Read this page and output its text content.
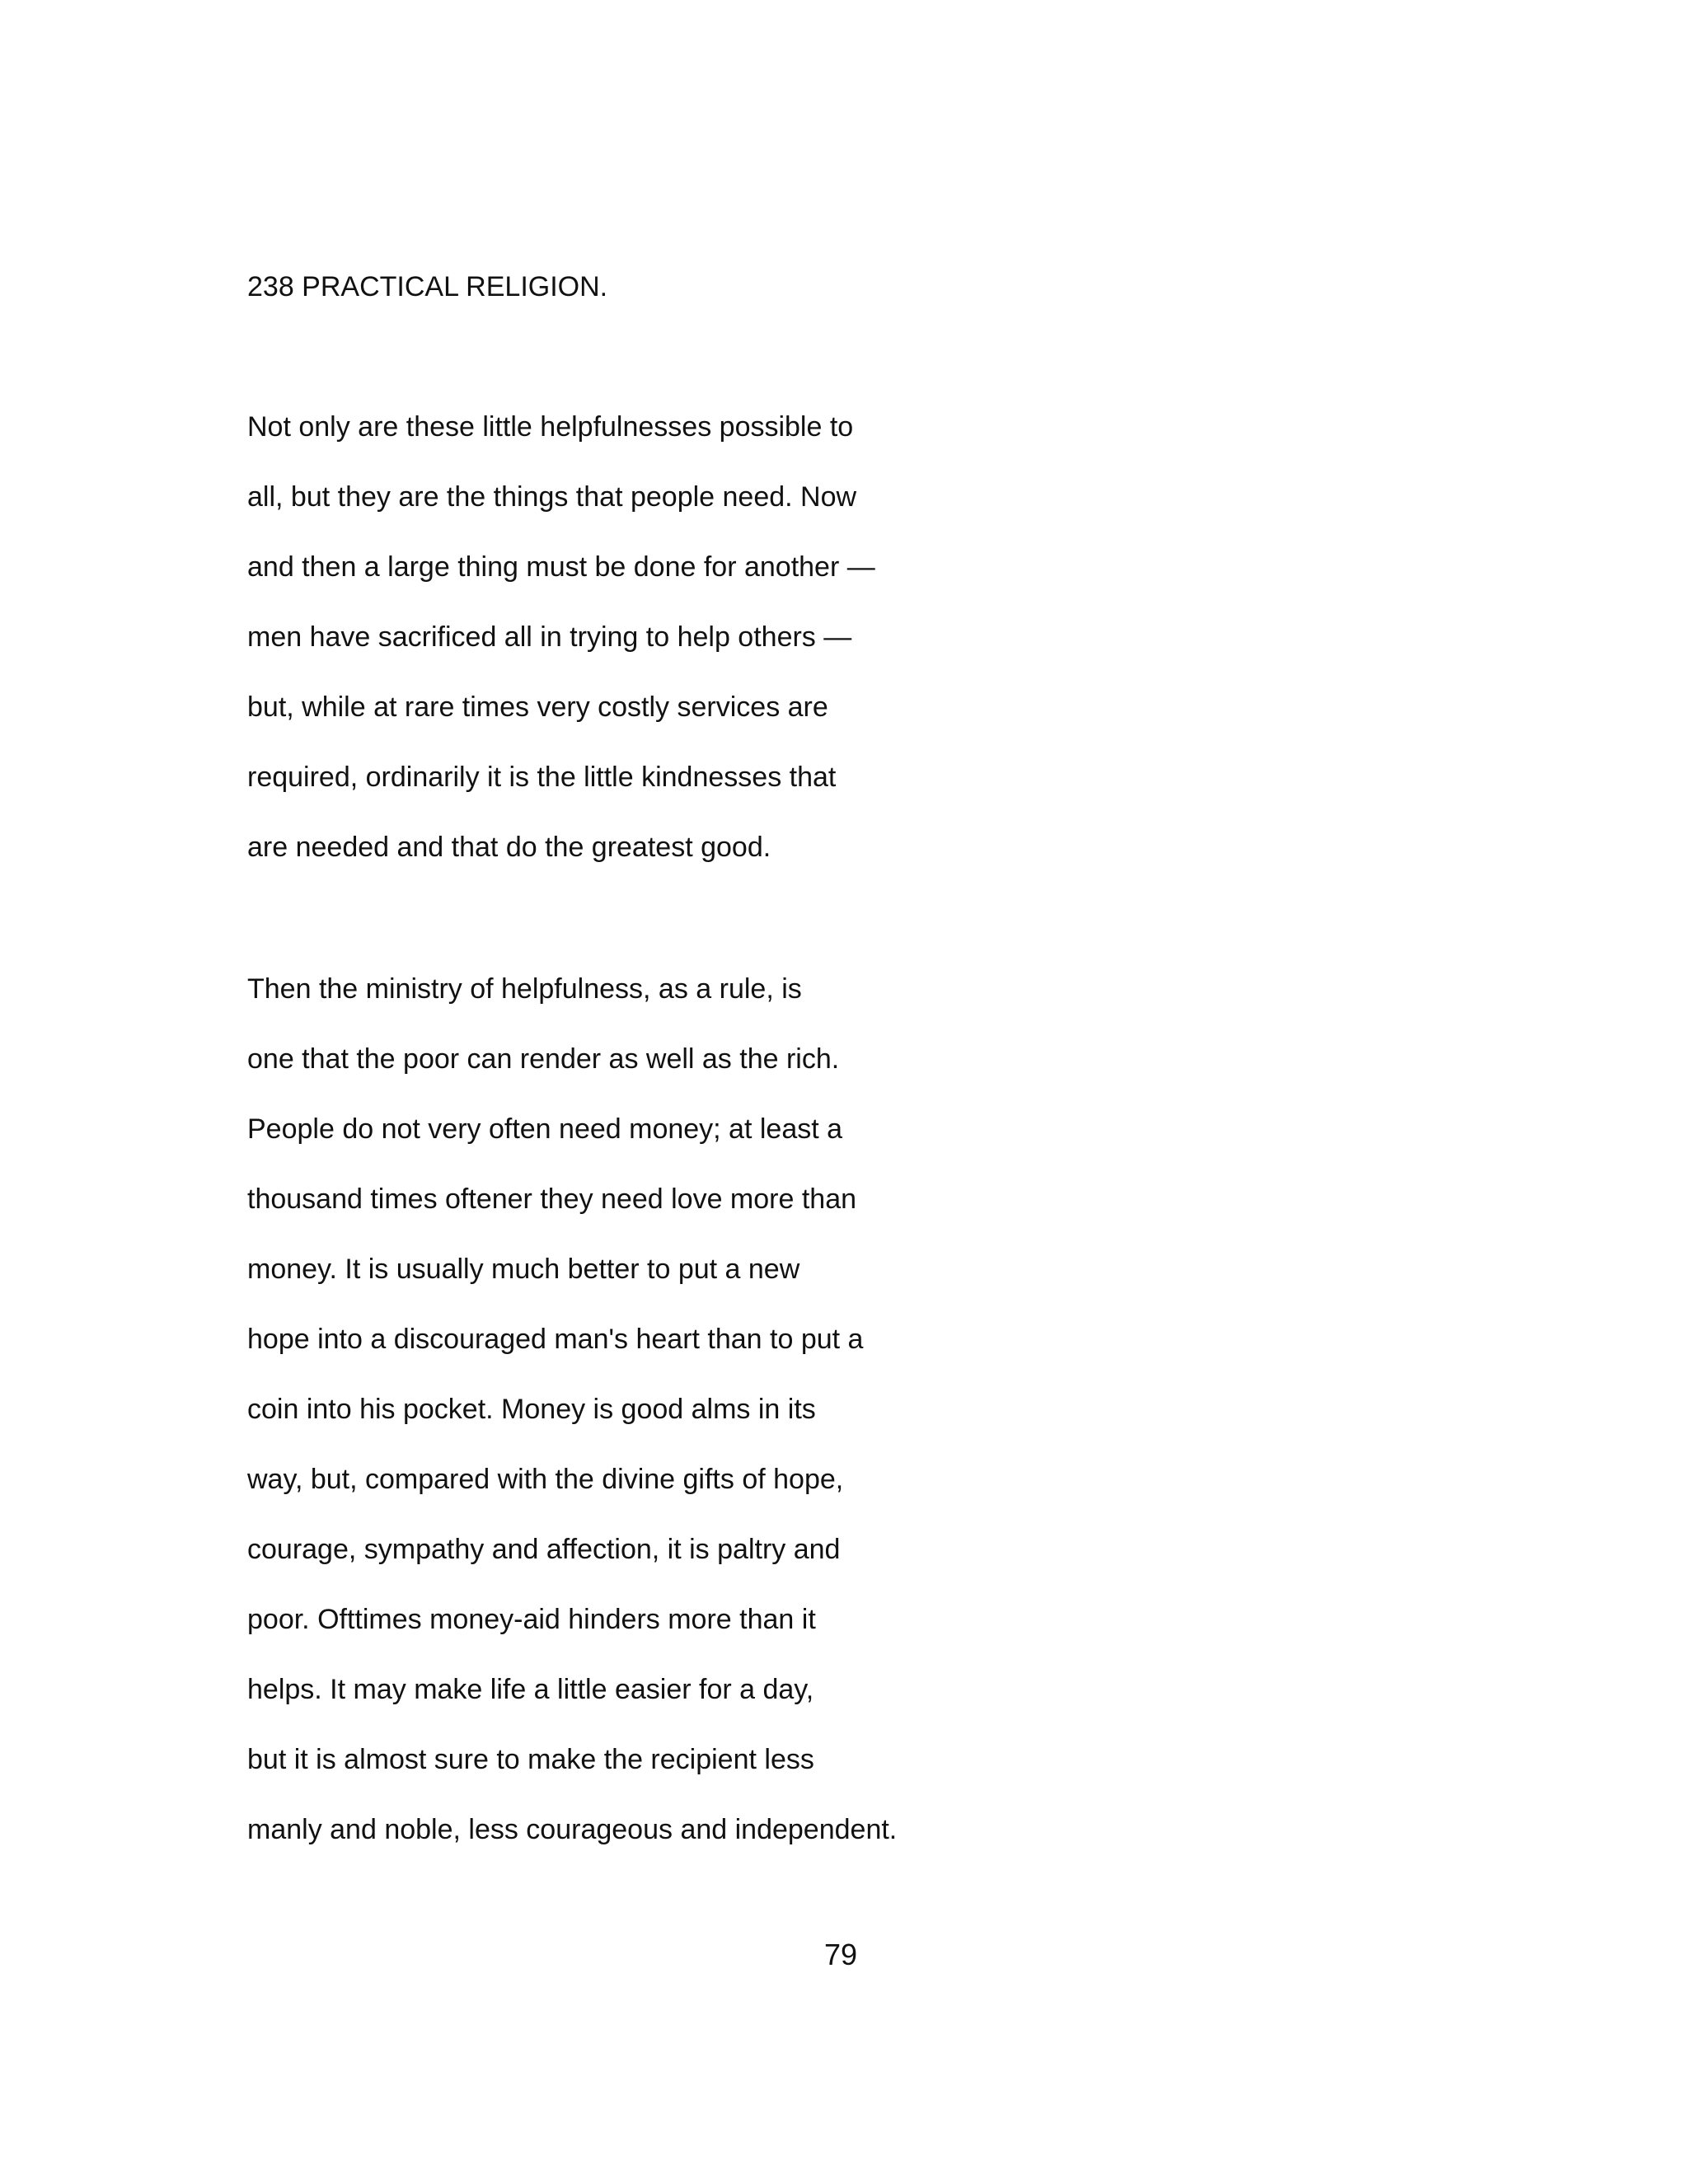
238 PRACTICAL RELIGION.

Not only are these little helpfulnesses possible to
all, but they are the things that people need. Now
and then a large thing must be done for another —
men have sacrificed all in trying to help others —
but, while at rare times very costly services are
required, ordinarily it is the little kindnesses that
are needed and that do the greatest good.

Then the ministry of helpfulness, as a rule, is
one that the poor can render as well as the rich.
People do not very often need money; at least a
thousand times oftener they need love more than
money. It is usually much better to put a new
hope into a discouraged man's heart than to put a
coin into his pocket. Money is good alms in its
way, but, compared with the divine gifts of hope,
courage, sympathy and affection, it is paltry and
poor. Ofttimes money-aid hinders more than it
helps. It may make life a little easier for a day,
but it is almost sure to make the recipient less
manly and noble, less courageous and independent.

79
